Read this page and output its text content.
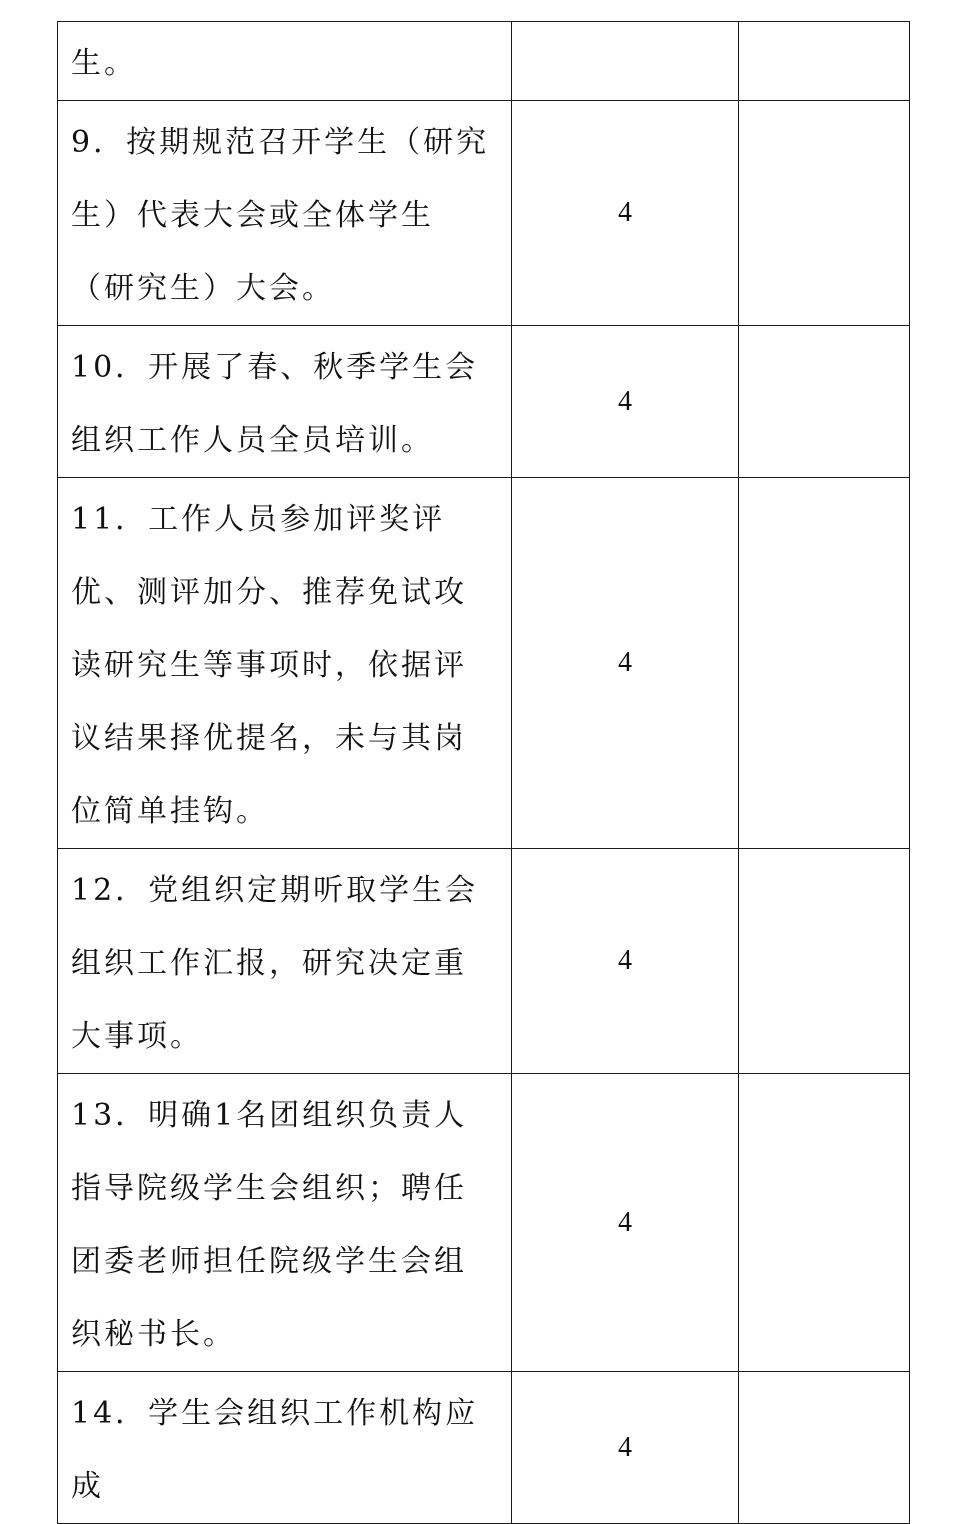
生。		
9．按期规范召开学生（研究生）代表大会或全体学生（研究生）大会。	4	
10．开展了春、秋季学生会组织工作人员全员培训。	4	
11．工作人员参加评奖评优、测评加分、推荐免试攻读研究生等事项时，依据评议结果择优提名，未与其岗位简单挂钩。	4	
12．党组织定期听取学生会组织工作汇报，研究决定重大事项。	4	
13．明确1名团组织负责人指导院级学生会组织；聘任团委老师担任院级学生会组织秘书长。	4	
14．学生会组织工作机构应成	4	
